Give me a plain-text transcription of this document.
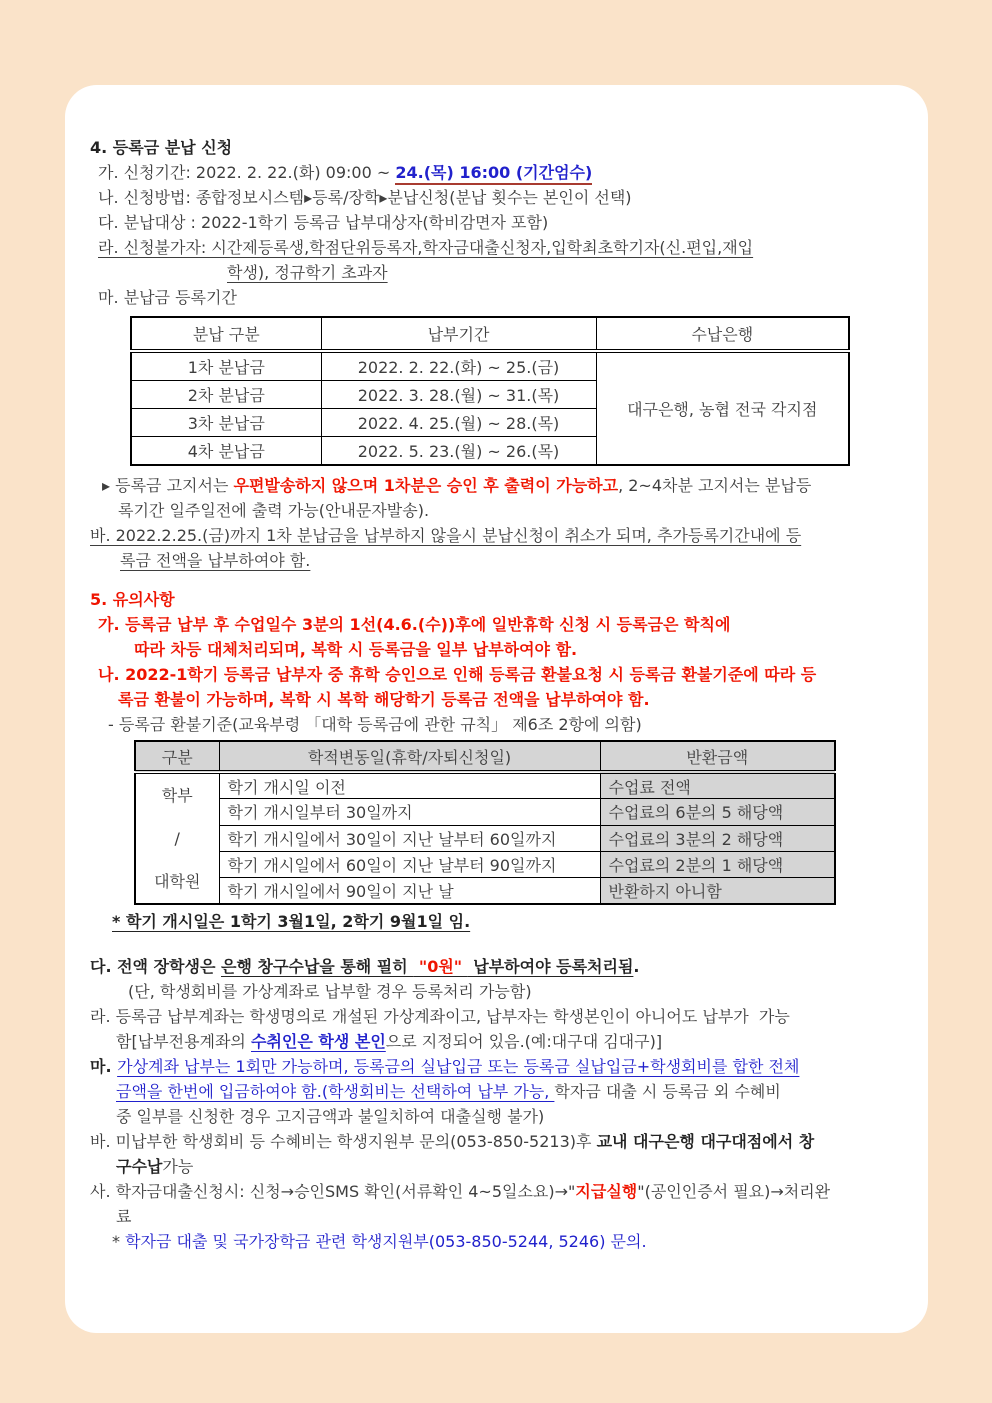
4. 등록금 분납 신청
가. 신청기간: 2022. 2. 22.(화) 09:00 ~ 24.(목) 16:00 (기간엄수)
나. 신청방법: 종합정보시스템▸등록/장학▸분납신청(분납 횟수는 본인이 선택)
다. 분납대상 : 2022-1학기 등록금 납부대상자(학비감면자 포함)
라. 신청불가자: 시간제등록생,학점단위등록자,학자금대출신청자,입학최초학기자(신.편입,재입
학생), 정규학기 초과자
마. 분납금 등록기간
분납 구분	납부기간	수납은행
1차 분납금	2022. 2. 22.(화) ~ 25.(금)	대구은행, 농협 전국 각지점
2차 분납금	2022. 3. 28.(월) ~ 31.(목)	
3차 분납금	2022. 4. 25.(월) ~ 28.(목)	
4차 분납금	2022. 5. 23.(월) ~ 26.(목)	
▸ 등록금 고지서는 우편발송하지 않으며 1차분은 승인 후 출력이 가능하고, 2~4차분 고지서는 분납등
록기간 일주일전에 출력 가능(안내문자발송).
바. 2022.2.25.(금)까지 1차 분납금을 납부하지 않을시 분납신청이 취소가 되며, 추가등록기간내에 등
록금 전액을 납부하여야 함.
5. 유의사항
가. 등록금 납부 후 수업일수 3분의 1선(4.6.(수))후에 일반휴학 신청 시 등록금은 학칙에
따라 차등 대체처리되며, 복학 시 등록금을 일부 납부하여야 함.
나. 2022-1학기 등록금 납부자 중 휴학 승인으로 인해 등록금 환불요청 시 등록금 환불기준에 따라 등
록금 환불이 가능하며, 복학 시 복학 해당학기 등록금 전액을 납부하여야 함.
- 등록금 환불기준(교육부령 「대학 등록금에 관한 규칙」 제6조 2항에 의함)
구분	학적변동일(휴학/자퇴신청일)	반환금액

학부
/
대학원	학기 개시일 이전	수업료 전액
	학기 개시일부터 30일까지	수업료의 6분의 5 해당액
	학기 개시일에서 30일이 지난 날부터 60일까지	수업료의 3분의 2 해당액
	학기 개시일에서 60일이 지난 날부터 90일까지	수업료의 2분의 1 해당액
	학기 개시일에서 90일이 지난 날	반환하지 아니함
* 학기 개시일은 1학기 3월1일, 2학기 9월1일 임.
다. 전액 장학생은 은행 창구수납을 통해 필히  "0원"  납부하여야 등록처리됨.
(단, 학생회비를 가상계좌로 납부할 경우 등록처리 가능함)
라. 등록금 납부계좌는 학생명의로 개설된 가상계좌이고, 납부자는 학생본인이 아니어도 납부가  가능
함[납부전용계좌의 수취인은 학생 본인으로 지정되어 있음.(예:대구대 김대구)]
마. 가상계좌 납부는 1회만 가능하며, 등록금의 실납입금 또는 등록금 실납입금+학생회비를 합한 전체
금액을 한번에 입금하여야 함.(학생회비는 선택하여 납부 가능, 학자금 대출 시 등록금 외 수혜비
중 일부를 신청한 경우 고지금액과 불일치하여 대출실행 불가)
바. 미납부한 학생회비 등 수혜비는 학생지원부 문의(053-850-5213)후 교내 대구은행 대구대점에서 창
구수납가능
사. 학자금대출신청시: 신청→승인SMS 확인(서류확인 4~5일소요)→"지급실행"(공인인증서 필요)→처리완
료
* 학자금 대출 및 국가장학금 관련 학생지원부(053-850-5244, 5246) 문의.
